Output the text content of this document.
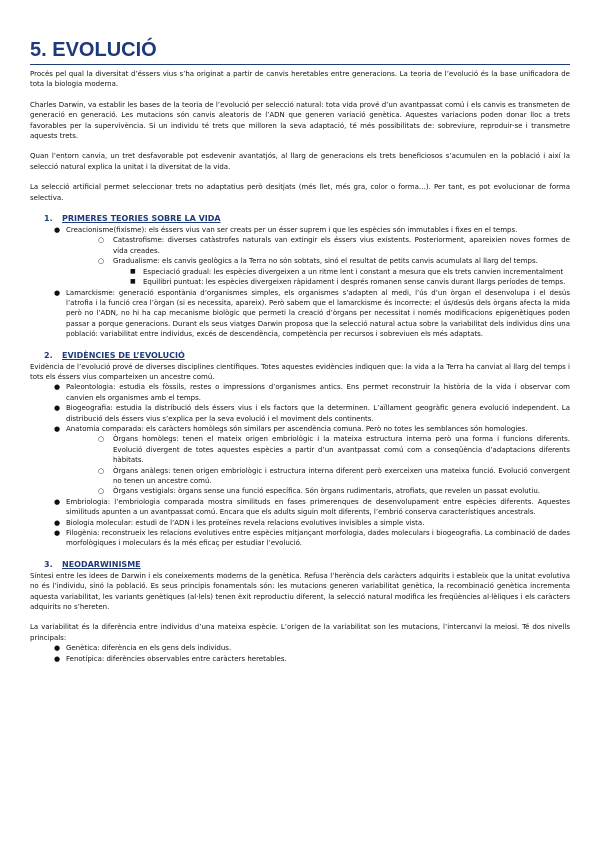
5. EVOLUCIÓ

Procés pel qual la diversitat d’éssers vius s’ha originat a partir de canvis heretables entre generacions. La teoria de l’evolució és la base unificadora de tota la biologia moderna.

Charles Darwin, va establir les bases de la teoria de l’evolució per selecció natural: tota vida prové d’un avantpassat comú i els canvis es transmeten de generació en generació. Les mutacions són canvis aleatoris de l’ADN que generen variació genètica. Aquestes variacions poden donar lloc a trets favorables per la supervivència. Si un individu té trets que milloren la seva adaptació, té més possibilitats de: sobreviure, reproduir-se i transmetre aquests trets.

Quan l’entorn canvia, un tret desfavorable pot esdevenir avantatjós, al llarg de generacions els trets beneficiosos s’acumulen en la població i així la selecció natural explica la unitat i la diversitat de la vida.

La selecció artificial permet seleccionar trets no adaptatius però desitjats (més llet, més gra, color o forma…). Per tant, es pot evolucionar de forma selectiva.

1. PRIMERES TEORIES SOBRE LA VIDA
● Creacionisme(fixisme): els éssers vius van ser creats per un ésser suprem i que les espècies són immutables i fixes en el temps.
○ Catastrofisme: diverses catàstrofes naturals van extingir els éssers vius existents. Posteriorment, apareixien noves formes de vida creades.
○ Gradualisme: els canvis geològics a la Terra no són sobtats, sinó el resultat de petits canvis acumulats al llarg del temps.
■ Especiació gradual: les espècies divergeixen a un ritme lent i constant a mesura que els trets canvien incrementalment
■ Equilibri puntuat: les espècies divergeixen ràpidament i després romanen sense canvis durant llargs períodes de temps.
● Lamarckisme: generació espontània d’organismes simples, els organismes s’adapten al medi, l’ús d’un òrgan el desenvolupa i el desús l’atrofia i la funció crea l’òrgan (si es necessita, apareix). Però sabem que el lamarckisme és incorrecte: el ús/desús dels òrgans afecta la mida però no l’ADN, no hi ha cap mecanisme biològic que permeti la creació d’òrgans per necessitat i només modificacions epigenètiques poden passar a porque generacions. Durant els seus viatges Darwin proposa que la selecció natural actua sobre la variabilitat dels individus dins una població: variabilitat entre individus, excés de descendència, competència per recursos i sobreviuen els més adaptats.
2. EVIDÈNCIES DE L’EVOLUCIÓ

Evidència de l’evolució prové de diverses disciplines científiques. Totes aquestes evidències indiquen que: la vida a la Terra ha canviat al llarg del temps i tots els éssers vius comparteixen un ancestre comú.

● Paleontologia: estudia els fòssils, restes o impressions d’organismes antics. Ens permet reconstruir la història de la vida i observar com canvien els organismes amb el temps.
● Biogeografia: estudia la distribució dels éssers vius i els factors que la determinen. L’aïllament geogràfic genera evolució independent. La distribució dels éssers vius s’explica per la seva evolució i el moviment dels continents.
● Anatomia comparada: els caràcters homòlegs són similars per ascendència comuna. Però no totes les semblances són homologies.
○ Òrgans homòlegs: tenen el mateix origen embriològic i la mateixa estructura interna però una forma i funcions diferents. Evolució divergent de totes aquestes espècies a partir d’un avantpassat comú com a conseqüència d’adaptacions diferents hàbitats.
○ Òrgans anàlegs: tenen origen embriològic i estructura interna diferent però exerceixen una mateixa funció. Evolució convergent no tenen un ancestre comú.
○ Òrgans vestigials: òrgans sense una funció específica. Són òrgans rudimentaris, atrofiats, que revelen un passat evolutiu.
● Embriologia: l’embriologia comparada mostra similituds en fases primerenques de desenvolupament entre espècies diferents. Aquestes similituds apunten a un avantpassat comú. Encara que els adults siguin molt diferents, l’embrió conserva característiques ancestrals.
● Biologia molecular: estudi de l’ADN i les proteïnes revela relacions evolutives invisibles a simple vista.
● Filogènia: reconstrueix les relacions evolutives entre espècies mitjançant morfologia, dades moleculars i biogeografia. La combinació de dades morfològiques i moleculars és la més eficaç per estudiar l’evolució.
3. NEODARWINISME

Síntesi entre les idees de Darwin i els coneixements moderns de la genètica. Refusa l’herència dels caràcters adquirits i estableix que la unitat evolutiva no és l’individu, sinó la població. Es seus principis fonamentals són: les mutacions generen variabilitat genètica, la recombinació genètica incrementa aquesta variabilitat, les variants genètiques (al·lels) tenen èxit reproductiu diferent, la selecció natural modifica les freqüències al·lèliques i els caràcters adquirits no s’hereten.

La variabilitat és la diferència entre individus d’una mateixa espècie. L’origen de la variabilitat son les mutacions, l’intercanvi la meiosi. Té dos nivells principals:

● Genètica: diferència en els gens dels individus.
● Fenotípica: diferències observables entre caràcters heretables.
